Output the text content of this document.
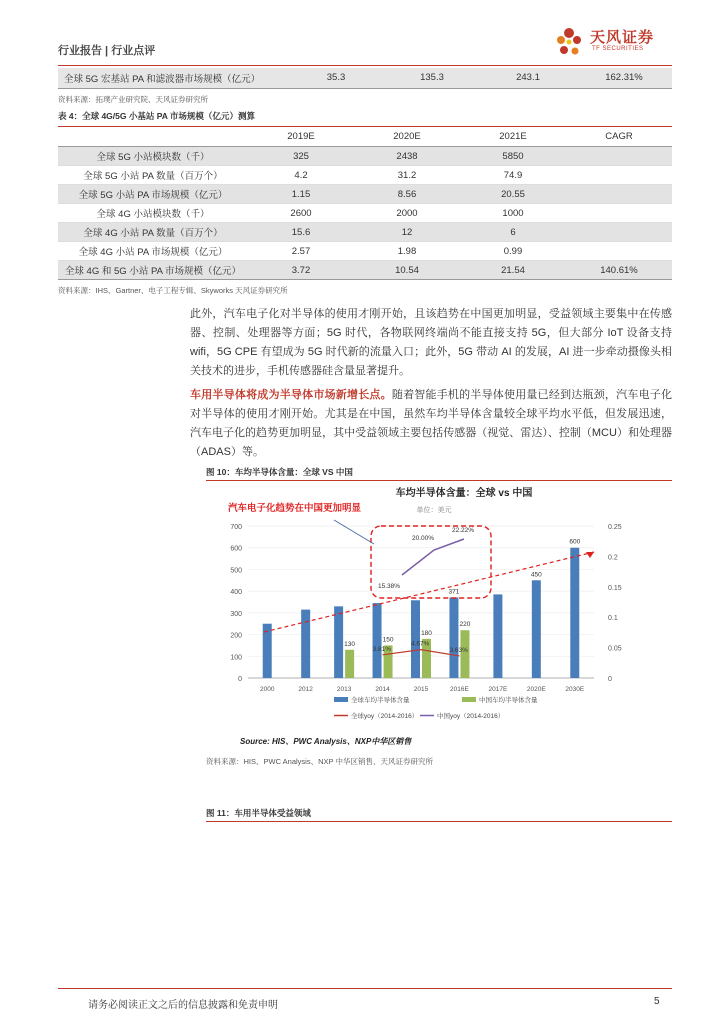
行业报告 | 行业点评
天风证券
TF SECURITIES
全球 5G 宏基站 PA 和滤波器市场规模（亿元）	35.3	135.3	243.1	162.31%
资料来源：拓璞产业研究院、天风证券研究所
表 4：全球 4G/5G 小基站 PA 市场规模（亿元）测算
	2019E	2020E	2021E	CAGR
全球 5G 小站模块数（千）	325	2438	5850	
全球 5G 小站 PA 数量（百万个）	4.2	31.2	74.9	
全球 5G 小站 PA 市场规模（亿元）	1.15	8.56	20.55	
全球 4G 小站模块数（千）	2600	2000	1000	
全球 4G 小站 PA 数量（百万个）	15.6	12	6	
全球 4G 小站 PA 市场规模（亿元）	2.57	1.98	0.99	
全球 4G 和 5G 小站 PA 市场规模（亿元）	3.72	10.54	21.54	140.61%
资料来源：IHS、Gartner、电子工程专辑、Skyworks 天风证券研究所
此外，汽车电子化对半导体的使用才刚开始，且该趋势在中国更加明显，受益领域主要集中在传感器、控制、处理器等方面；5G 时代，各物联网终端尚不能直接支持 5G，但大部分 IoT 设备支持 wifi，5G CPE 有望成为 5G 时代新的流量入口；此外，5G 带动 AI 的发展，AI 进一步牵动摄像头相关技术的进步，手机传感器硅含量显著提升。
车用半导体将成为半导体市场新增长点。随着智能手机的半导体使用量已经到达瓶颈，汽车电子化对半导体的使用才刚开始。尤其是在中国，虽然车均半导体含量较全球平均水平低，但发展迅速，汽车电子化的趋势更加明显，其中受益领域主要包括传感器（视觉、雷达）、控制（MCU）和处理器（ADAS）等。
图 10：车均半导体含量：全球 VS 中国
车均半导体含量：全球 vs 中国
单位：美元
汽车电子化趋势在中国更加明显
0
100
200
300
400
500
600
700
0
0.05
0.1
0.15
0.2
0.25
130
150
180
371
220
450
600
2000	2012	2013	2014	2015	2016E	2017E	2020E	2030E
3.81%
4.67%
3.63%
15.38%
20.00%
22.22%
全球车均半导体含量	中国车均半导体含量
全球yoy（2014-2016）	中国yoy（2014-2016）
Source: HIS、PWC Analysis、NXP中华区销售
资料来源：HIS、PWC Analysis、NXP 中华区销售、天风证券研究所
图 11：车用半导体受益领域
请务必阅读正文之后的信息披露和免责申明	5
